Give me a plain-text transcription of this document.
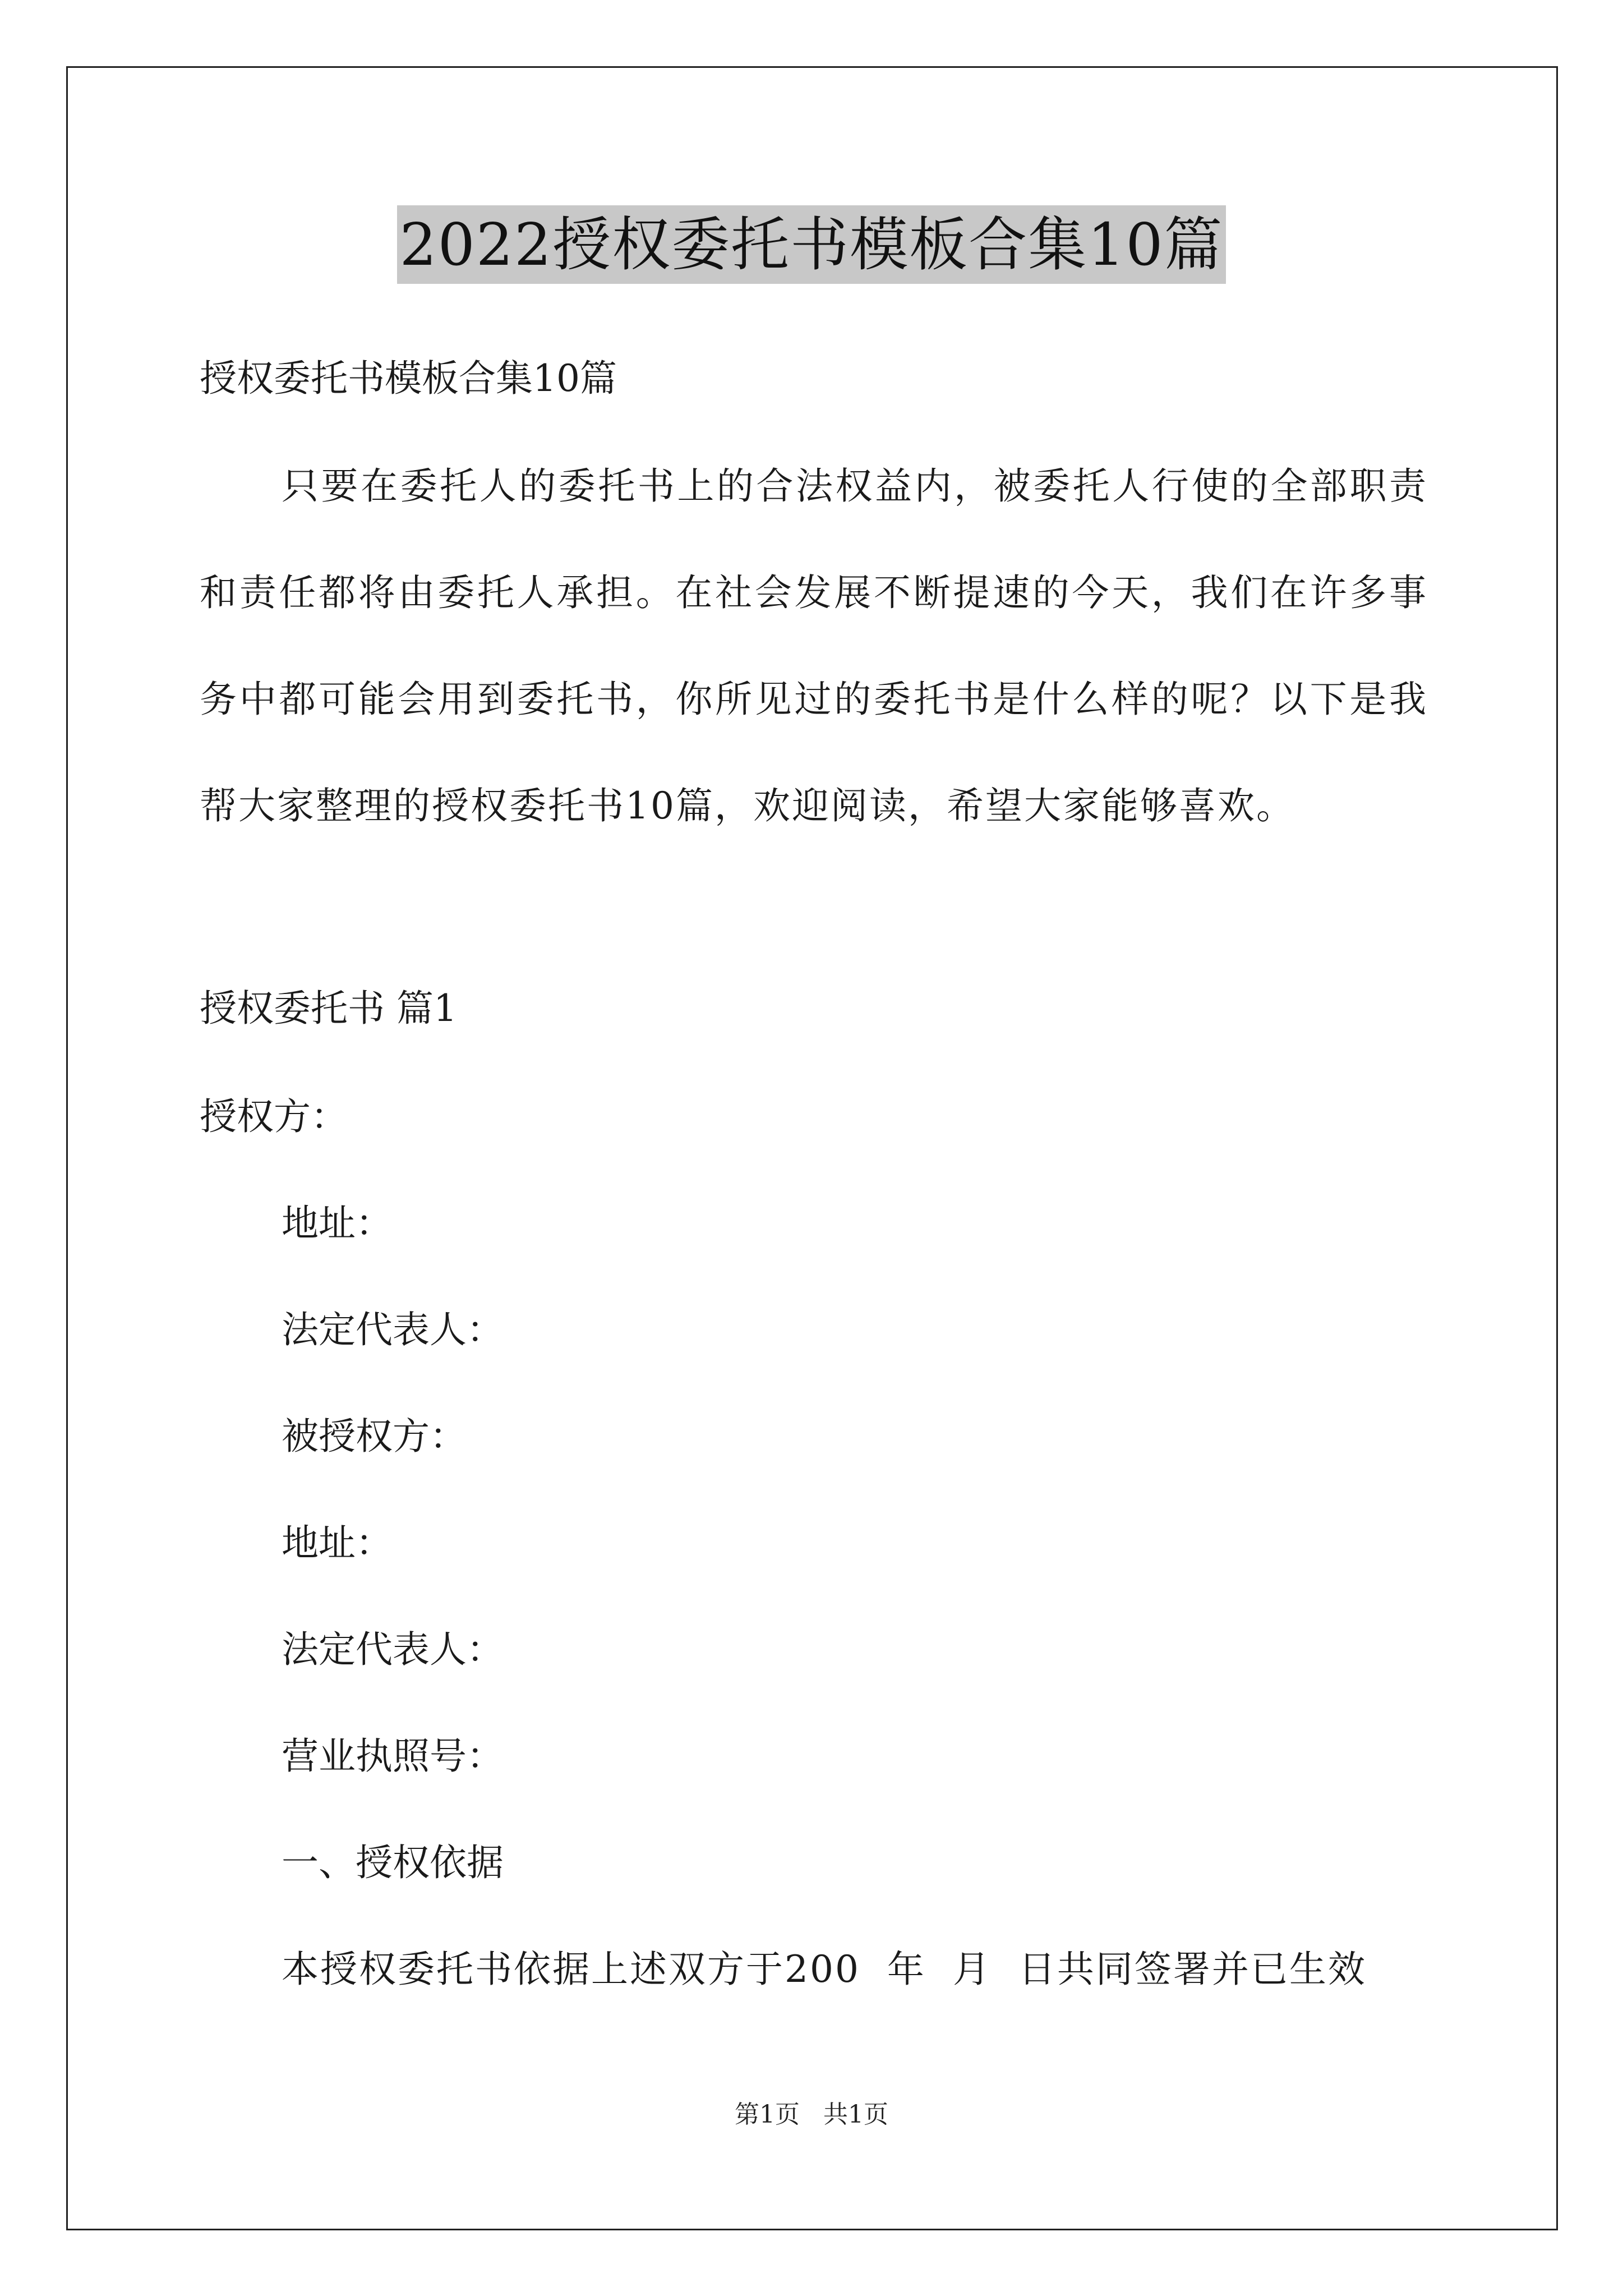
2022授权委托书模板合集10篇
授权委托书模板合集10篇
只要在委托人的委托书上的合法权益内，被委托人行使的全部职责和责任都将由委托人承担。在社会发展不断提速的今天，我们在许多事务中都可能会用到委托书，你所见过的委托书是什么样的呢？以下是我帮大家整理的授权委托书10篇，欢迎阅读，希望大家能够喜欢。
授权委托书 篇1
授权方：
地址：
法定代表人：
被授权方：
地址：
法定代表人：
营业执照号：
一、授权依据
本授权委托书依据上述双方于200  年  月  日共同签署并已生效
第1页   共1页
